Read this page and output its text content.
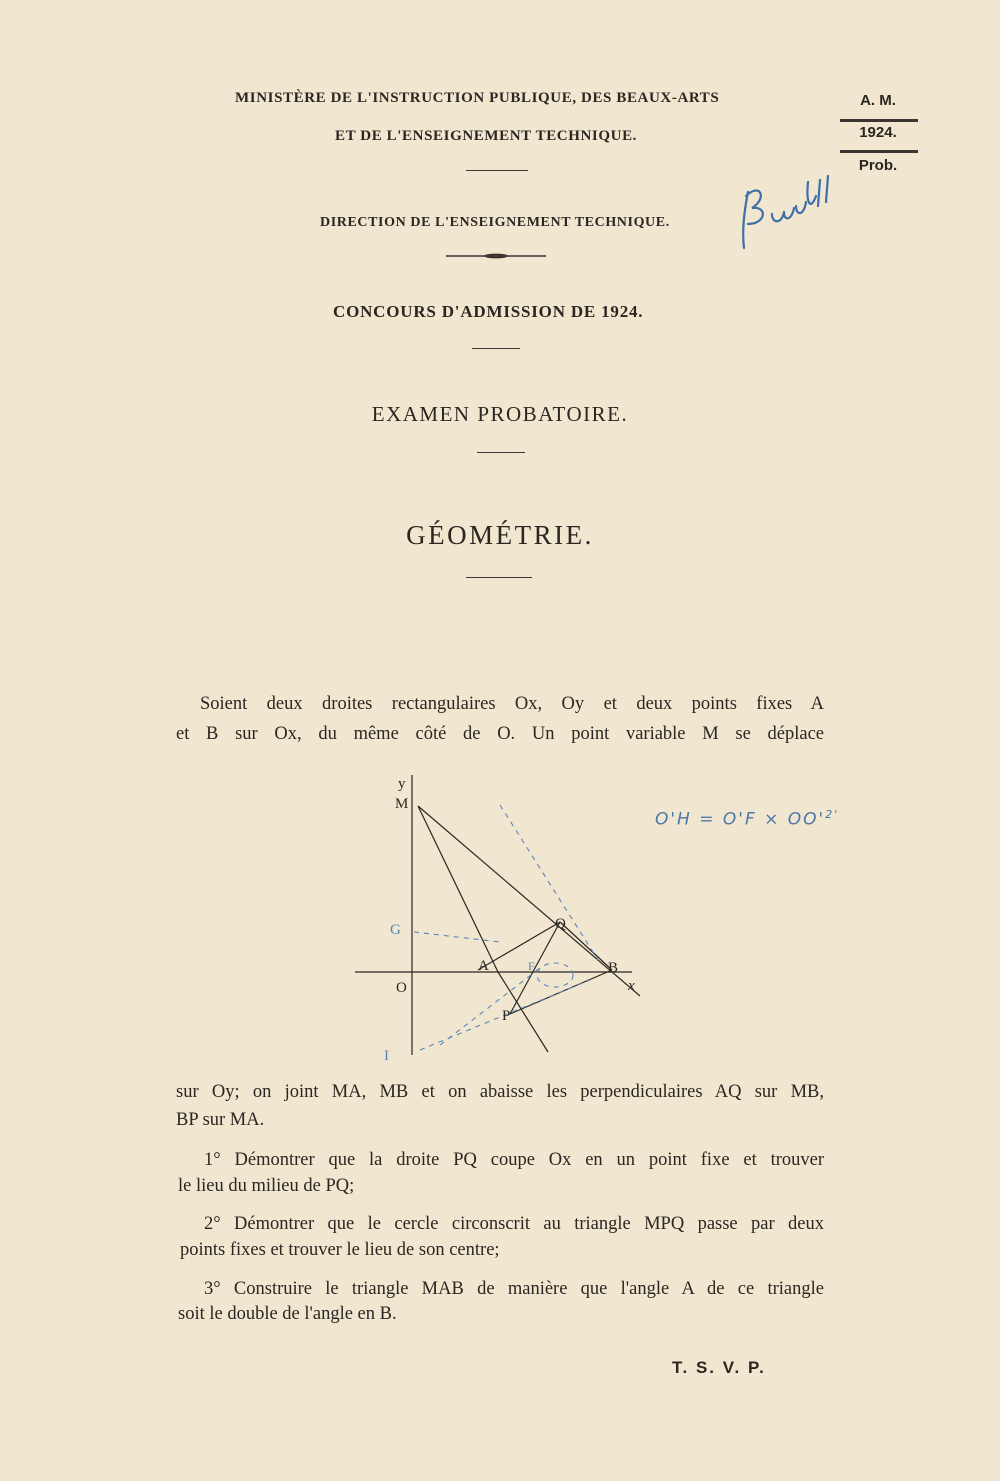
MINISTÈRE DE L'INSTRUCTION PUBLIQUE, DES BEAUX-ARTS
ET DE L'ENSEIGNEMENT TECHNIQUE.
A. M.
1924.
Prob.
DIRECTION DE L'ENSEIGNEMENT TECHNIQUE.
CONCOURS D'ADMISSION DE 1924.
EXAMEN PROBATOIRE.
GÉOMÉTRIE.
Soient deux droites rectangulaires Ox, Oy et deux points fixes A
et B sur Ox, du même côté de O. Un point variable M se déplace
y
M
G
O
A	B
Q
P
F
x
I
$O'H = O'F \times OO'^{2'}$
sur Oy; on joint MA, MB et on abaisse les perpendiculaires AQ sur MB,
BP sur MA.
1° Démontrer que la droite PQ coupe Ox en un point fixe et trouver
le lieu du milieu de PQ;
2° Démontrer que le cercle circonscrit au triangle MPQ passe par deux
points fixes et trouver le lieu de son centre;
3° Construire le triangle MAB de manière que l'angle A de ce triangle
soit le double de l'angle en B.
T. S. V. P.
